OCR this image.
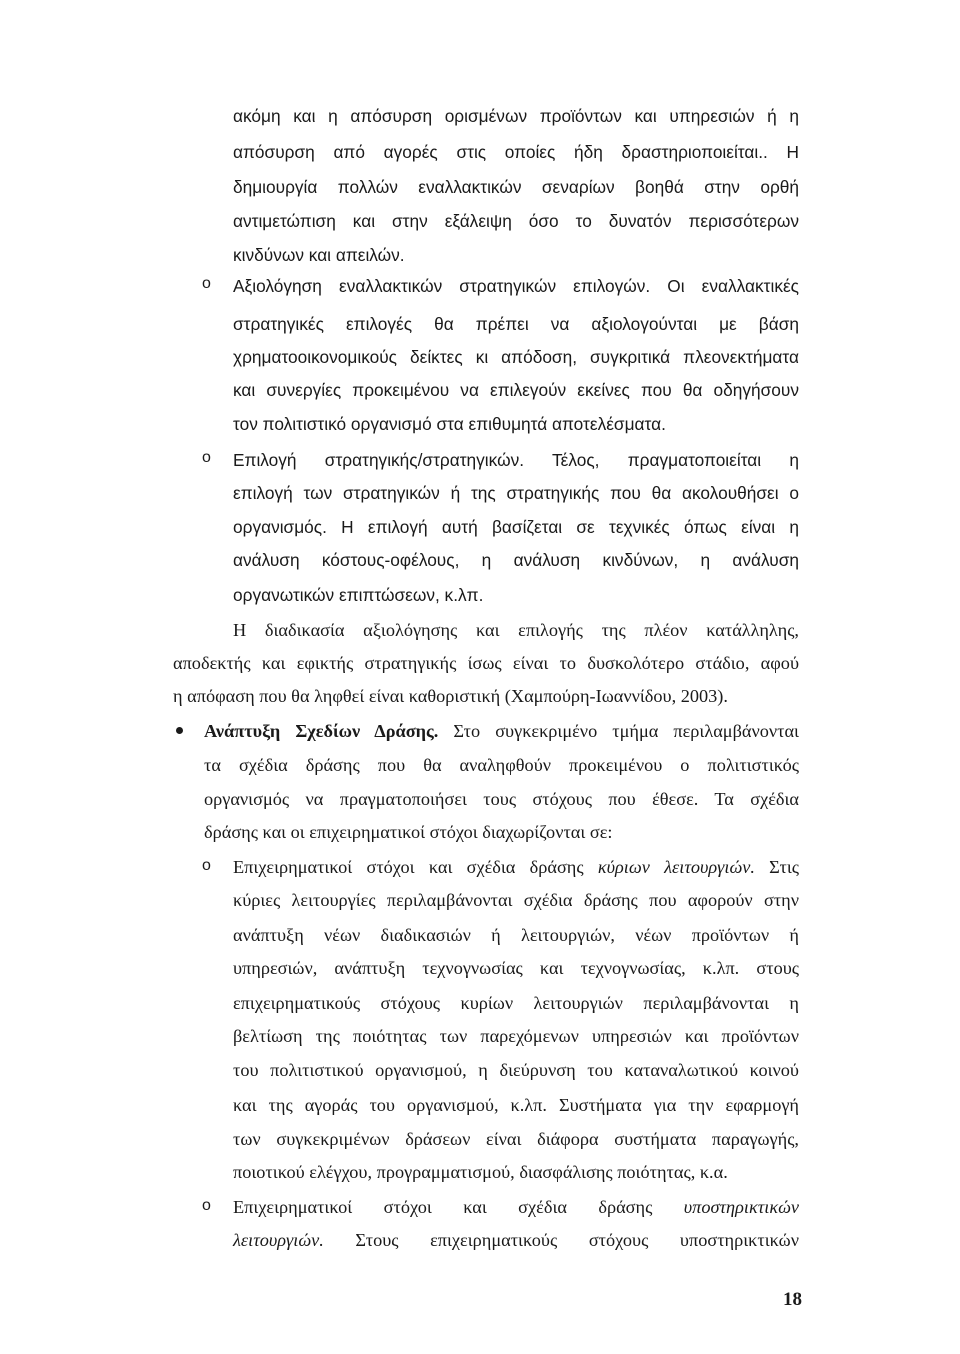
ακόμη και η απόσυρση ορισμένων προϊόντων και υπηρεσιών ή η
απόσυρση από αγορές στις οποίες ήδη δραστηριοποιείται.. Η
δημιουργία πολλών εναλλακτικών σεναρίων βοηθά στην ορθή
αντιμετώπιση και στην εξάλειψη όσο το δυνατόν περισσότερων
κινδύνων και απειλών.
o Αξιολόγηση εναλλακτικών στρατηγικών επιλογών. Οι εναλλακτικές
στρατηγικές επιλογές θα πρέπει να αξιολογούνται με βάση
χρηματοοικονομικούς δείκτες κι απόδοση, συγκριτικά πλεονεκτήματα
και συνεργίες προκειμένου να επιλεγούν εκείνες που θα οδηγήσουν
τον πολιτιστικό οργανισμό στα επιθυμητά αποτελέσματα.
o Επιλογή στρατηγικής/στρατηγικών. Τέλος, πραγματοποιείται η
επιλογή των στρατηγικών ή της στρατηγικής που θα ακολουθήσει ο
οργανισμός. Η επιλογή αυτή βασίζεται σε τεχνικές όπως είναι η
ανάλυση κόστους-οφέλους, η ανάλυση κινδύνων, η ανάλυση
οργανωτικών επιπτώσεων, κ.λπ.
Η διαδικασία αξιολόγησης και επιλογής της πλέον κατάλληλης,
αποδεκτής και εφικτής στρατηγικής ίσως είναι το δυσκολότερο στάδιο, αφού
η απόφαση που θα ληφθεί είναι καθοριστική (Χαμπούρη-Ιωαννίδου, 2003).
Ανάπτυξη Σχεδίων Δράσης. Στο συγκεκριμένο τμήμα περιλαμβάνονται
τα σχέδια δράσης που θα αναληφθούν προκειμένου ο πολιτιστικός
οργανισμός να πραγματοποιήσει τους στόχους που έθεσε. Τα σχέδια
δράσης και οι επιχειρηματικοί στόχοι διαχωρίζονται σε:
o Επιχειρηματικοί στόχοι και σχέδια δράσης κύριων λειτουργιών. Στις
κύριες λειτουργίες περιλαμβάνονται σχέδια δράσης που αφορούν στην
ανάπτυξη νέων διαδικασιών ή λειτουργιών, νέων προϊόντων ή
υπηρεσιών, ανάπτυξη τεχνογνωσίας και τεχνογνωσίας, κ.λπ. στους
επιχειρηματικούς στόχους κυρίων λειτουργιών περιλαμβάνονται η
βελτίωση της ποιότητας των παρεχόμενων υπηρεσιών και προϊόντων
του πολιτιστικού οργανισμού, η διεύρυνση του καταναλωτικού κοινού
και της αγοράς του οργανισμού, κ.λπ. Συστήματα για την εφαρμογή
των συγκεκριμένων δράσεων είναι διάφορα συστήματα παραγωγής,
ποιοτικού ελέγχου, προγραμματισμού, διασφάλισης ποιότητας, κ.α.
o Επιχειρηματικοί στόχοι και σχέδια δράσης υποστηρικτικών
λειτουργιών. Στους επιχειρηματικούς στόχους υποστηρικτικών
18
